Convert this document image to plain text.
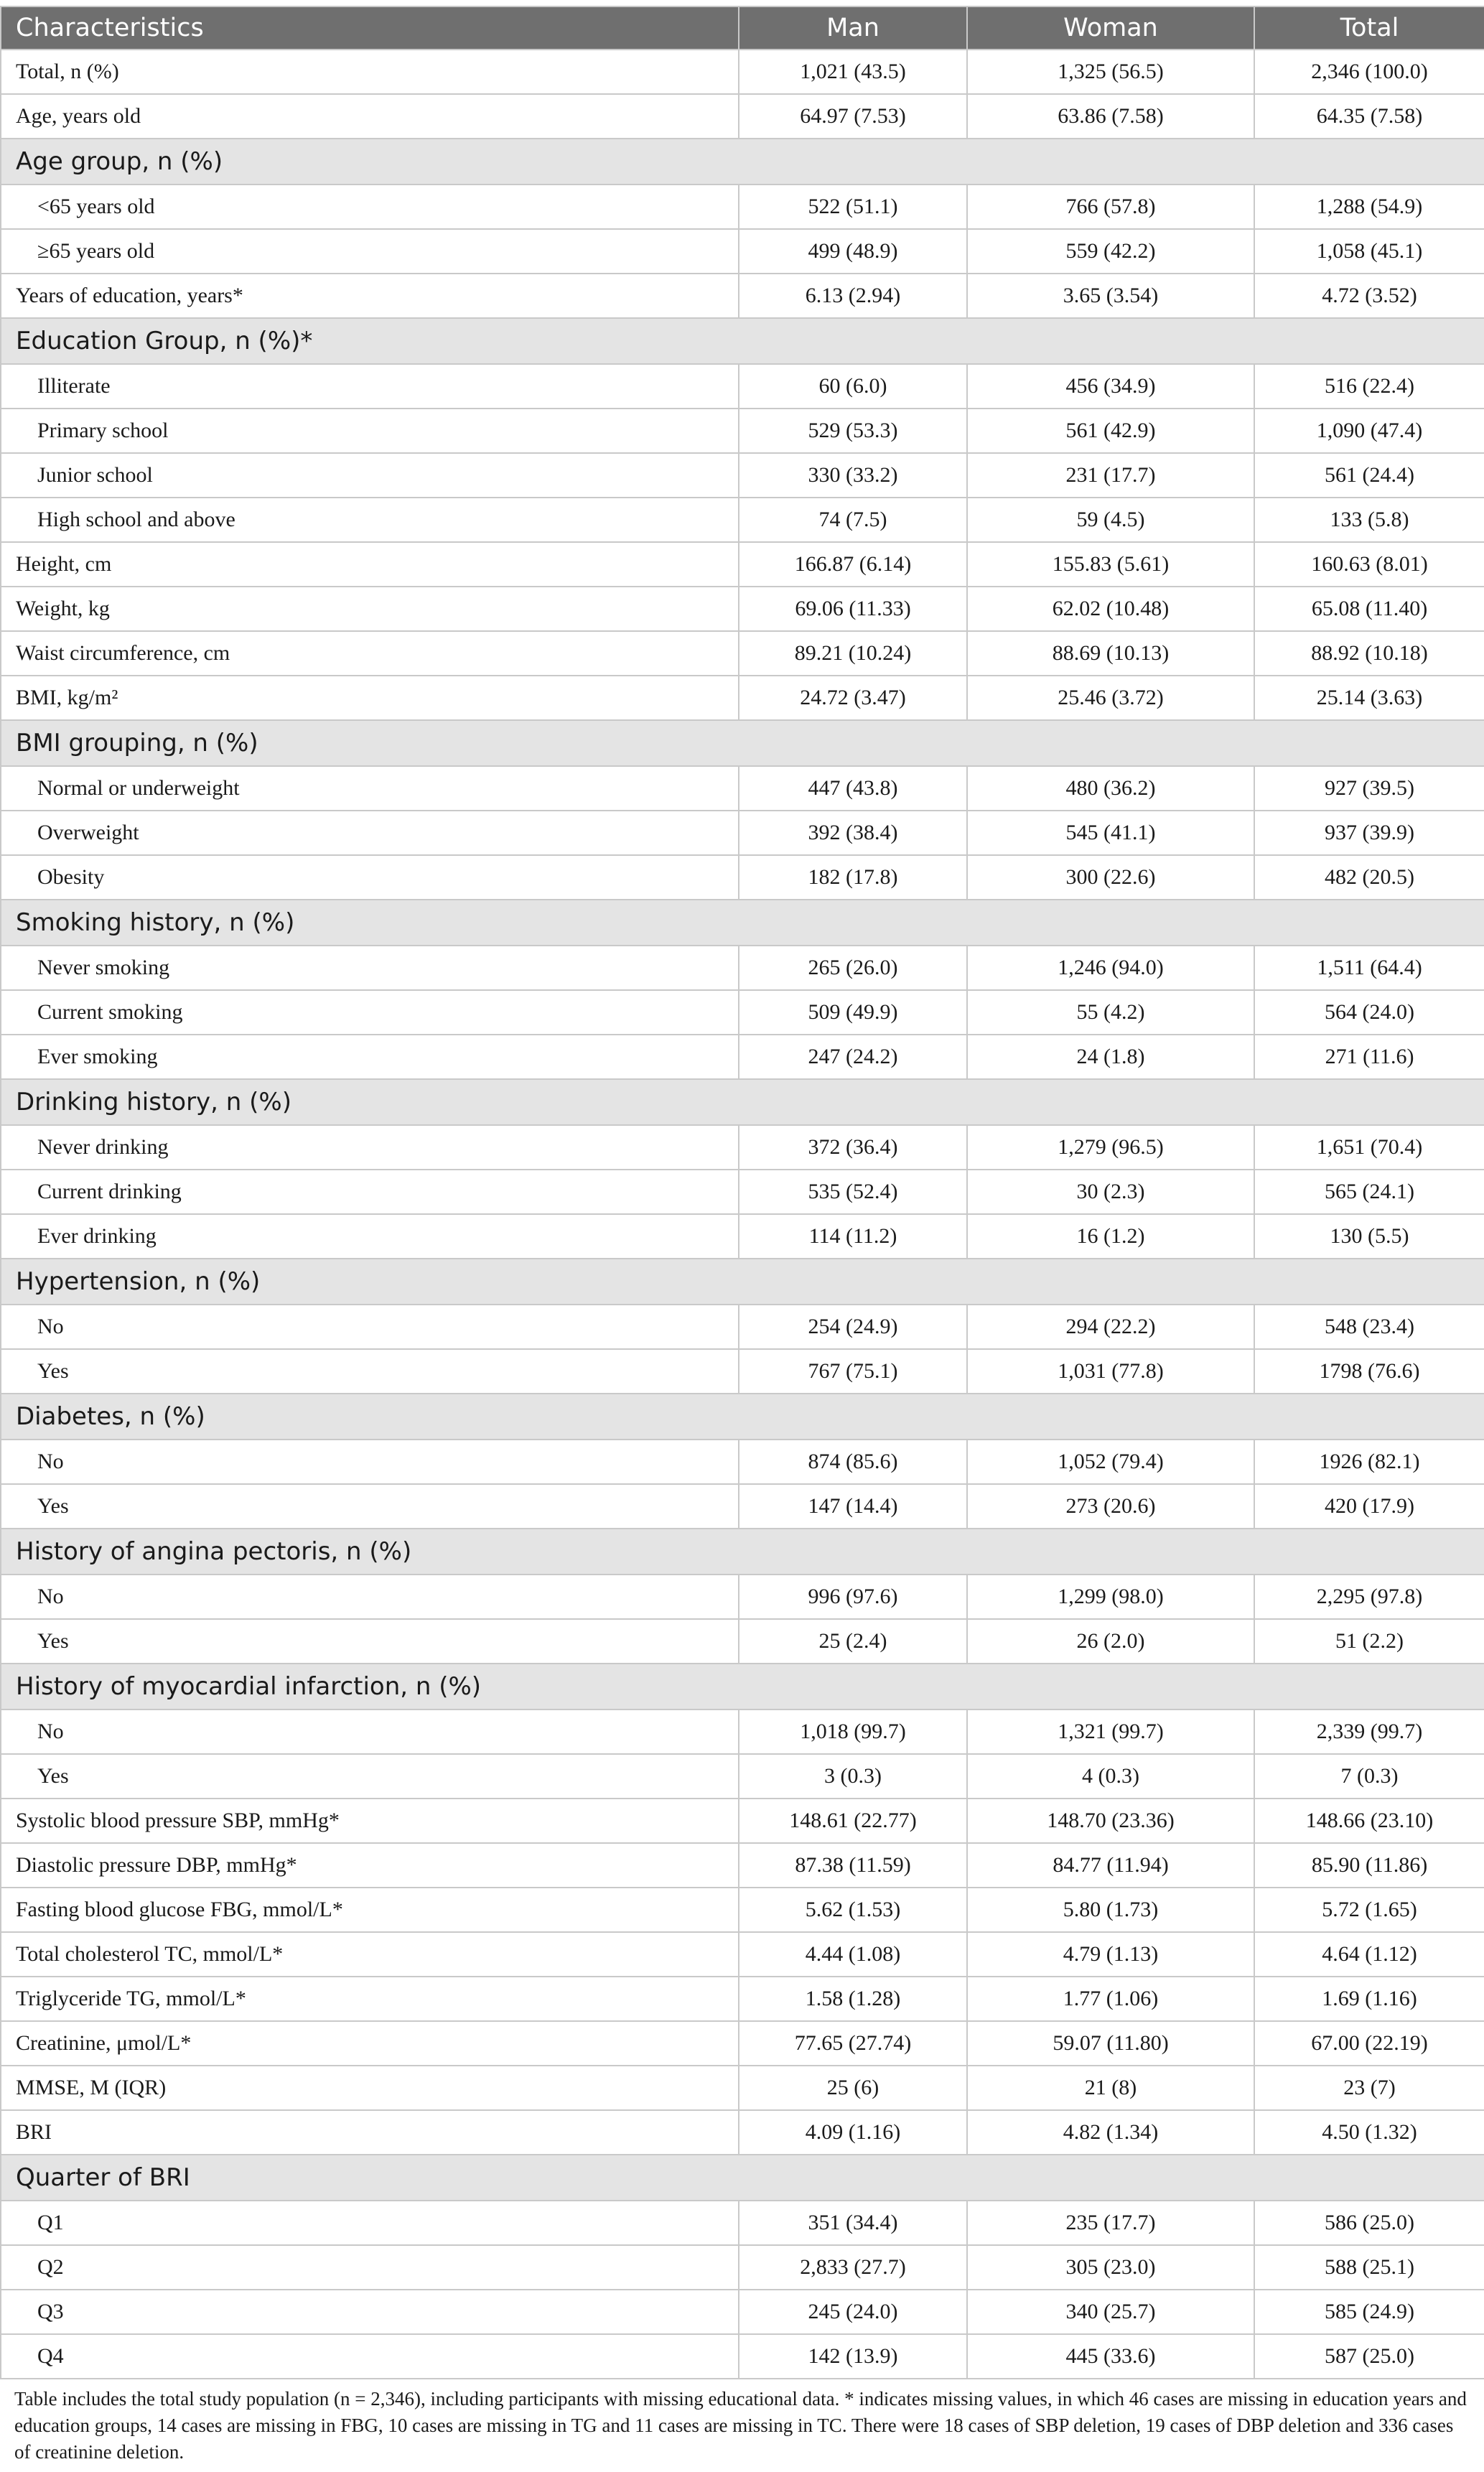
Characteristics	Man	Woman	Total
Total, n (%)	1,021 (43.5)	1,325 (56.5)	2,346 (100.0)
Age, years old	64.97 (7.53)	63.86 (7.58)	64.35 (7.58)
Age group, n (%)			
<65 years old	522 (51.1)	766 (57.8)	1,288 (54.9)
≥65 years old	499 (48.9)	559 (42.2)	1,058 (45.1)
Years of education, years*	6.13 (2.94)	3.65 (3.54)	4.72 (3.52)
Education Group, n (%)*			
Illiterate	60 (6.0)	456 (34.9)	516 (22.4)
Primary school	529 (53.3)	561 (42.9)	1,090 (47.4)
Junior school	330 (33.2)	231 (17.7)	561 (24.4)
High school and above	74 (7.5)	59 (4.5)	133 (5.8)
Height, cm	166.87 (6.14)	155.83 (5.61)	160.63 (8.01)
Weight, kg	69.06 (11.33)	62.02 (10.48)	65.08 (11.40)
Waist circumference, cm	89.21 (10.24)	88.69 (10.13)	88.92 (10.18)
BMI, kg/m²	24.72 (3.47)	25.46 (3.72)	25.14 (3.63)
BMI grouping, n (%)			
Normal or underweight	447 (43.8)	480 (36.2)	927 (39.5)
Overweight	392 (38.4)	545 (41.1)	937 (39.9)
Obesity	182 (17.8)	300 (22.6)	482 (20.5)
Smoking history, n (%)			
Never smoking	265 (26.0)	1,246 (94.0)	1,511 (64.4)
Current smoking	509 (49.9)	55 (4.2)	564 (24.0)
Ever smoking	247 (24.2)	24 (1.8)	271 (11.6)
Drinking history, n (%)			
Never drinking	372 (36.4)	1,279 (96.5)	1,651 (70.4)
Current drinking	535 (52.4)	30 (2.3)	565 (24.1)
Ever drinking	114 (11.2)	16 (1.2)	130 (5.5)
Hypertension, n (%)			
No	254 (24.9)	294 (22.2)	548 (23.4)
Yes	767 (75.1)	1,031 (77.8)	1798 (76.6)
Diabetes, n (%)			
No	874 (85.6)	1,052 (79.4)	1926 (82.1)
Yes	147 (14.4)	273 (20.6)	420 (17.9)
History of angina pectoris, n (%)			
No	996 (97.6)	1,299 (98.0)	2,295 (97.8)
Yes	25 (2.4)	26 (2.0)	51 (2.2)
History of myocardial infarction, n (%)			
No	1,018 (99.7)	1,321 (99.7)	2,339 (99.7)
Yes	3 (0.3)	4 (0.3)	7 (0.3)
Systolic blood pressure SBP, mmHg*	148.61 (22.77)	148.70 (23.36)	148.66 (23.10)
Diastolic pressure DBP, mmHg*	87.38 (11.59)	84.77 (11.94)	85.90 (11.86)
Fasting blood glucose FBG, mmol/L*	5.62 (1.53)	5.80 (1.73)	5.72 (1.65)
Total cholesterol TC, mmol/L*	4.44 (1.08)	4.79 (1.13)	4.64 (1.12)
Triglyceride TG, mmol/L*	1.58 (1.28)	1.77 (1.06)	1.69 (1.16)
Creatinine, μmol/L*	77.65 (27.74)	59.07 (11.80)	67.00 (22.19)
MMSE, M (IQR)	25 (6)	21 (8)	23 (7)
BRI	4.09 (1.16)	4.82 (1.34)	4.50 (1.32)
Quarter of BRI			
Q1	351 (34.4)	235 (17.7)	586 (25.0)
Q2	2,833 (27.7)	305 (23.0)	588 (25.1)
Q3	245 (24.0)	340 (25.7)	585 (24.9)
Q4	142 (13.9)	445 (33.6)	587 (25.0)
Table includes the total study population (n = 2,346), including participants with missing educational data. * indicates missing values, in which 46 cases are missing in education years and education groups, 14 cases are missing in FBG, 10 cases are missing in TG and 11 cases are missing in TC. There were 18 cases of SBP deletion, 19 cases of DBP deletion and 336 cases of creatinine deletion.
